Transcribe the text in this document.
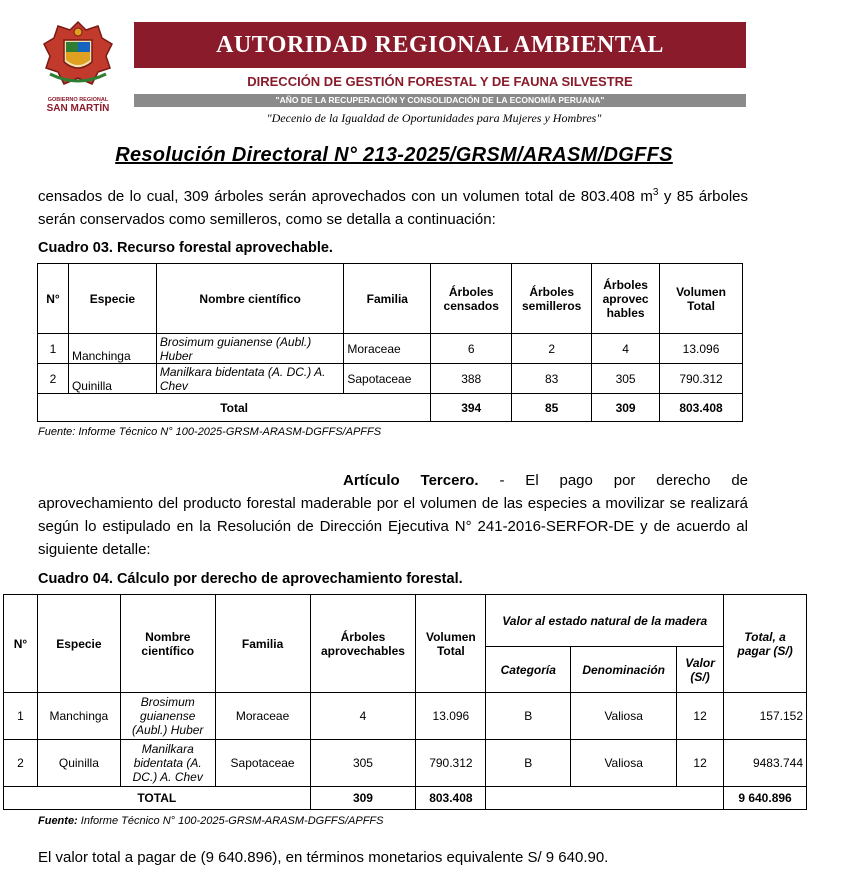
GOBIERNO REGIONAL
SAN MARTÍN
AUTORIDAD REGIONAL AMBIENTAL
DIRECCIÓN DE GESTIÓN FORESTAL Y DE FAUNA SILVESTRE
"AÑO DE LA RECUPERACIÓN Y CONSOLIDACIÓN DE LA ECONOMÍA PERUANA"
"Decenio de la Igualdad de Oportunidades para Mujeres y Hombres"
Resolución Directoral N° 213-2025/GRSM/ARASM/DGFFS
censados de lo cual, 309 árboles serán aprovechados con un volumen total de 803.408 $m^3$ y 85 árboles serán conservados como semilleros, como se detalla a continuación:
Cuadro 03. Recurso forestal aprovechable.
N°	Especie	Nombre científico	Familia	Árboles censados	Árboles semilleros	Árboles aprovec hables	Volumen Total
1	Manchinga	Brosimum guianense (Aubl.) Huber	Moraceae	6	2	4	13.096
2	Quinilla	Manilkara bidentata (A. DC.) A. Chev	Sapotaceae	388	83	305	790.312
Total				394	85	309	803.408
Fuente: Informe Técnico N° 100-2025-GRSM-ARASM-DGFFS/APFFS
Artículo Tercero. - El pago por derecho de aprovechamiento del producto forestal maderable por el volumen de las especies a movilizar se realizará según lo estipulado en la Resolución de Dirección Ejecutiva N° 241-2016-SERFOR-DE y de acuerdo al siguiente detalle:
Cuadro 04. Cálculo por derecho de aprovechamiento forestal.
N°	Especie	Nombre científico	Familia	Árboles aprovechables	Volumen Total	Valor al estado natural de la madera			Total, a pagar (S/)
						Categoría	Denominación	Valor (S/)	
1	Manchinga	Brosimum guianense (Aubl.) Huber	Moraceae	4	13.096	B	Valiosa	12	157.152
2	Quinilla	Manilkara bidentata (A. DC.) A. Chev	Sapotaceae	305	790.312	B	Valiosa	12	9483.744
TOTAL				309	803.408				9 640.896
Fuente: Informe Técnico N° 100-2025-GRSM-ARASM-DGFFS/APFFS
El valor total a pagar de (9 640.896), en términos monetarios equivalente S/ 9 640.90.
